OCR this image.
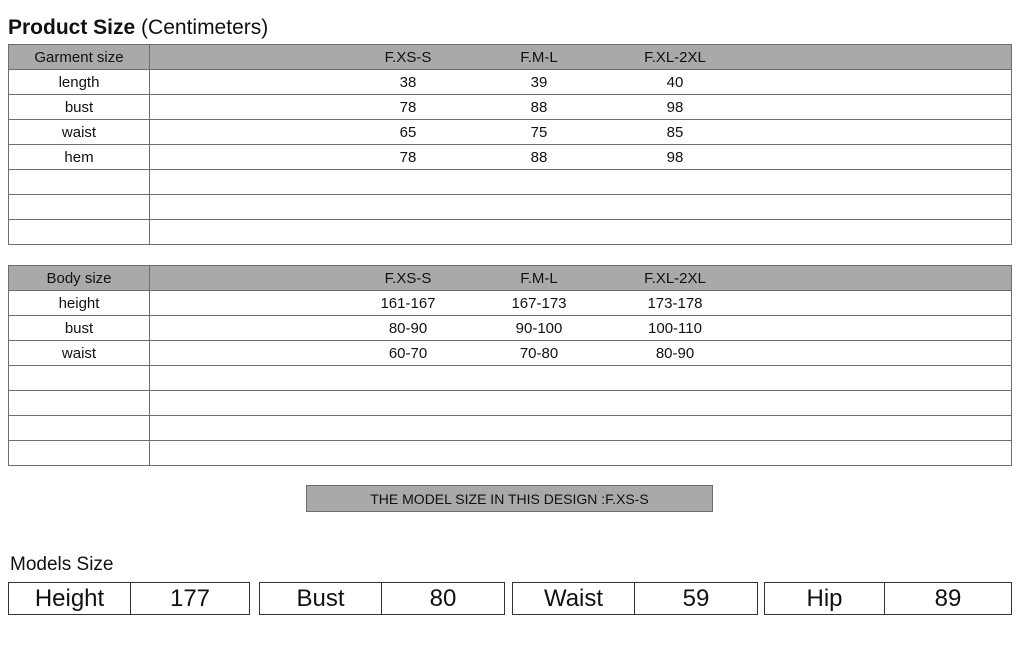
Product Size (Centimeters)
Garment size	F.XS-S F.M-L F.XL-2XL

length	38 39 40

bust	78 88 98

waist	65 75 85

hem	78 88 98

Body size	F.XS-S F.M-L F.XL-2XL

height	161-167 167-173 173-178

bust	80-90 90-100 100-110

waist	60-70 70-80 80-90

THE MODEL SIZE IN THIS DESIGN :F.XS-S
Models Size
Height	177	Bust	80	Waist	59	Hip	89
